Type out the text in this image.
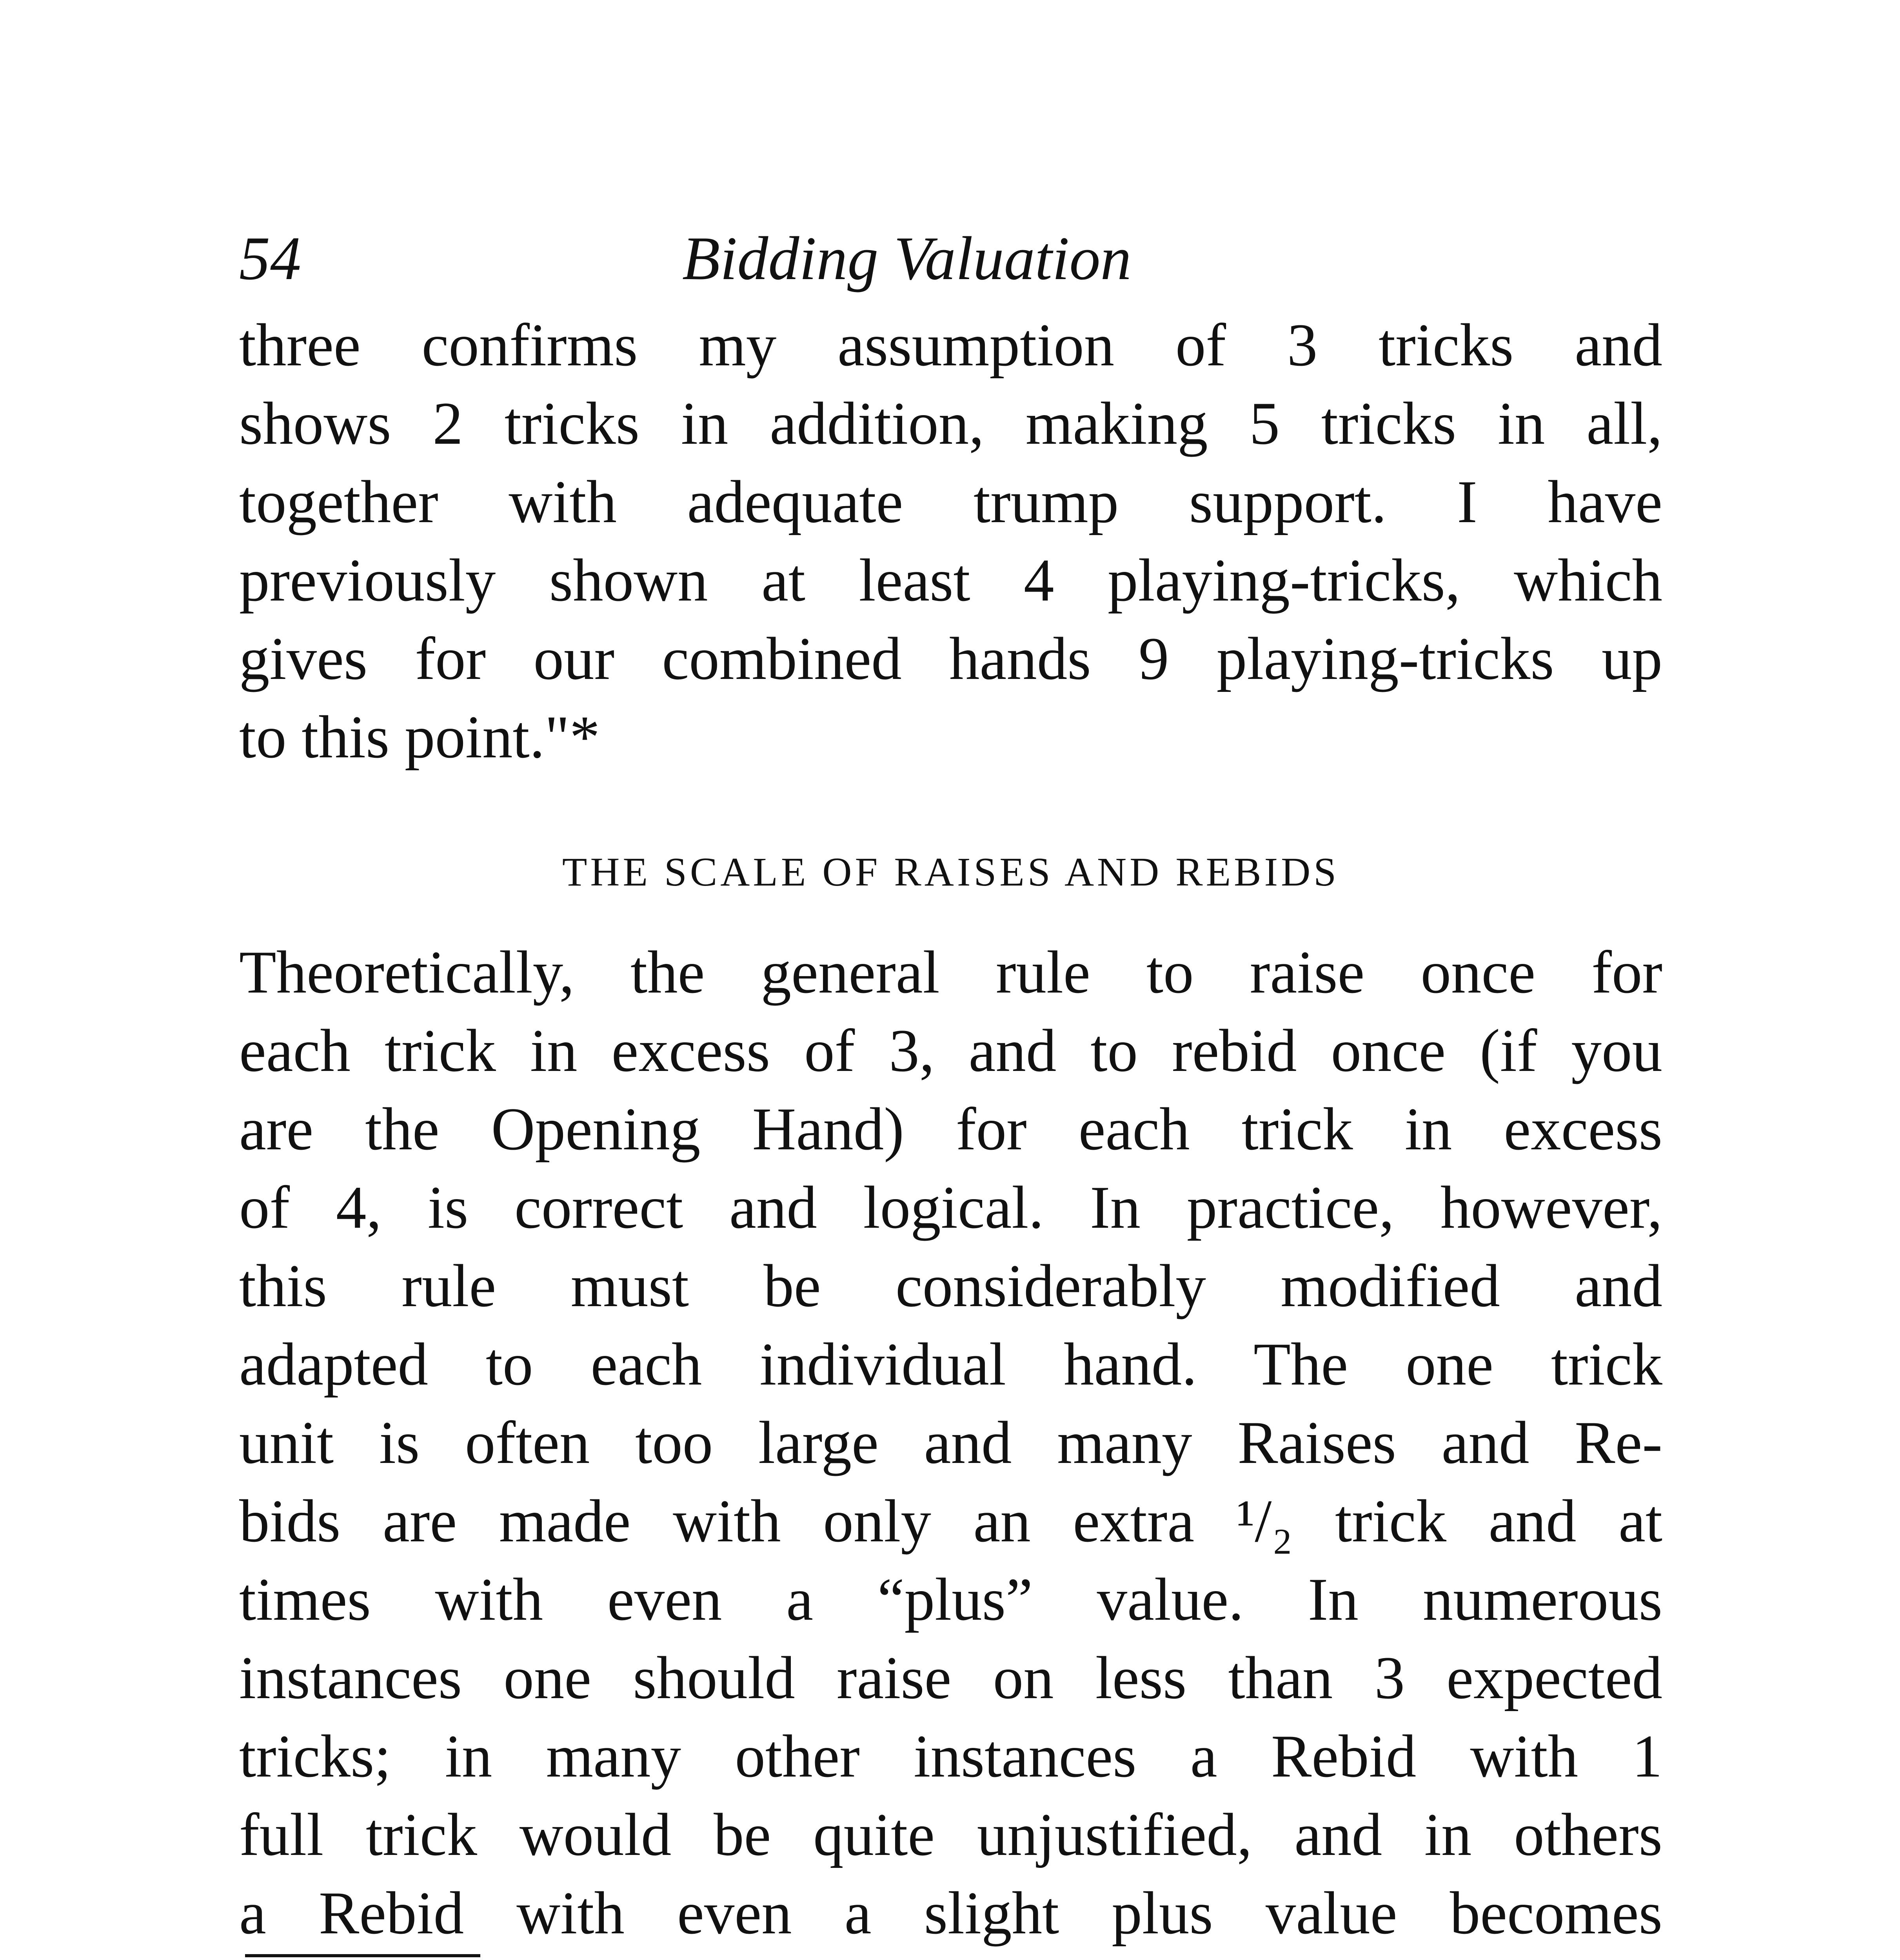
54	Bidding Valuation
three confirms my assumption of 3 tricks and
shows 2 tricks in addition, making 5 tricks in all,
together with adequate trump support. I have
previously shown at least 4 playing-tricks, which
gives for our combined hands 9 playing-tricks up
to this point."*
THE SCALE OF RAISES AND REBIDS
Theoretically, the general rule to raise once for
each trick in excess of 3, and to rebid once (if you
are the Opening Hand) for each trick in excess
of 4, is correct and logical. In practice, however,
this rule must be considerably modified and
adapted to each individual hand. The one trick
unit is often too large and many Raises and Re-
bids are made with only an extra ¹/₂ trick and at
times with even a “plus” value. In numerous
instances one should raise on less than 3 expected
tricks; in many other instances a Rebid with 1
full trick would be quite unjustified, and in others
a Rebid with even a slight plus value becomes
